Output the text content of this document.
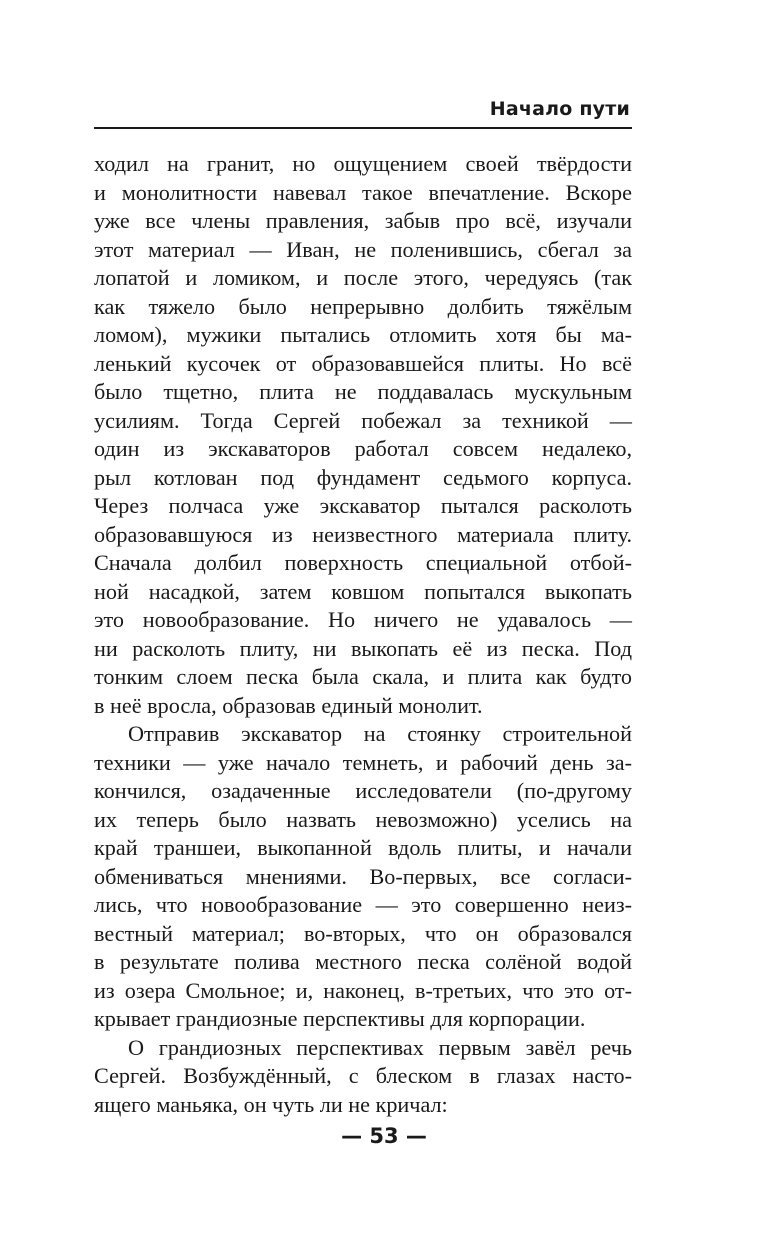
Начало пути
ходил на гранит, но ощущением своей твёрдости
и монолитности навевал такое впечатление. Вскоре
уже все члены правления, забыв про всё, изучали
этот материал — Иван, не поленившись, сбегал за
лопатой и ломиком, и после этого, чередуясь (так
как тяжело было непрерывно долбить тяжёлым
ломом), мужики пытались отломить хотя бы ма-
ленький кусочек от образовавшейся плиты. Но всё
было тщетно, плита не поддавалась мускульным
усилиям. Тогда Сергей побежал за техникой —
один из экскаваторов работал совсем недалеко,
рыл котлован под фундамент седьмого корпуса.
Через полчаса уже экскаватор пытался расколоть
образовавшуюся из неизвестного материала плиту.
Сначала долбил поверхность специальной отбой-
ной насадкой, затем ковшом попытался выкопать
это новообразование. Но ничего не удавалось —
ни расколоть плиту, ни выкопать её из песка. Под
тонким слоем песка была скала, и плита как будто
в неё вросла, образовав единый монолит.
Отправив экскаватор на стоянку строительной
техники — уже начало темнеть, и рабочий день за-
кончился, озадаченные исследователи (по-другому
их теперь было назвать невозможно) уселись на
край траншеи, выкопанной вдоль плиты, и начали
обмениваться мнениями. Во-первых, все согласи-
лись, что новообразование — это совершенно неиз-
вестный материал; во-вторых, что он образовался
в результате полива местного песка солёной водой
из озера Смольное; и, наконец, в-третьих, что это от-
крывает грандиозные перспективы для корпорации.
О грандиозных перспективах первым завёл речь
Сергей. Возбуждённый, с блеском в глазах насто-
ящего маньяка, он чуть ли не кричал:
— 53 —
